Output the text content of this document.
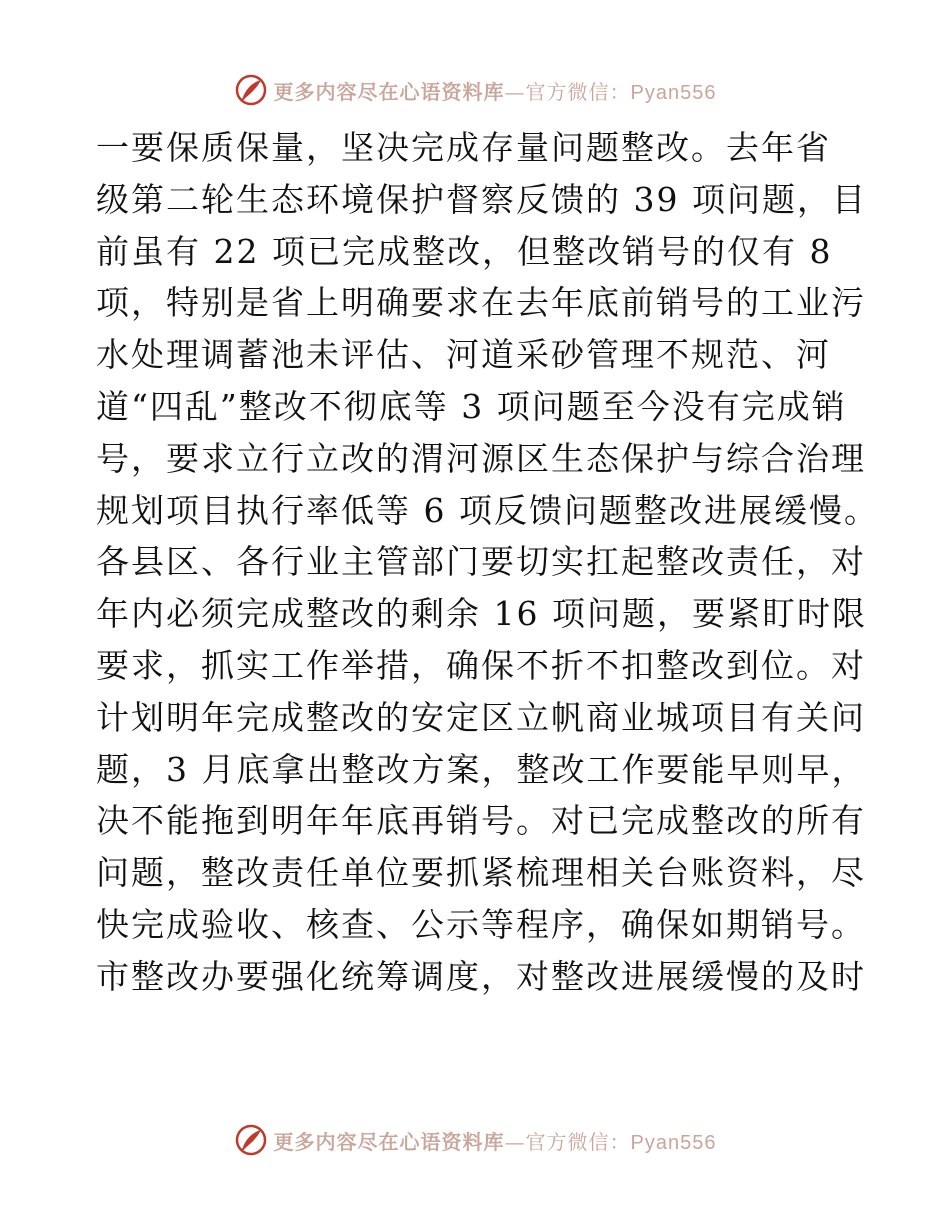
更多内容尽在心语资料库—官方微信：Pyan556
一要保质保量，坚决完成存量问题整改。去年省
级第二轮生态环境保护督察反馈的 39 项问题，目
前虽有 22 项已完成整改，但整改销号的仅有 8
项，特别是省上明确要求在去年底前销号的工业污
水处理调蓄池未评估、河道采砂管理不规范、河
道“四乱”整改不彻底等 3 项问题至今没有完成销
号，要求立行立改的渭河源区生态保护与综合治理
规划项目执行率低等 6 项反馈问题整改进展缓慢。
各县区、各行业主管部门要切实扛起整改责任，对
年内必须完成整改的剩余 16 项问题，要紧盯时限
要求，抓实工作举措，确保不折不扣整改到位。对
计划明年完成整改的安定区立帆商业城项目有关问
题，3 月底拿出整改方案，整改工作要能早则早，
决不能拖到明年年底再销号。对已完成整改的所有
问题，整改责任单位要抓紧梳理相关台账资料，尽
快完成验收、核查、公示等程序，确保如期销号。
市整改办要强化统筹调度，对整改进展缓慢的及时
更多内容尽在心语资料库—官方微信：Pyan556
